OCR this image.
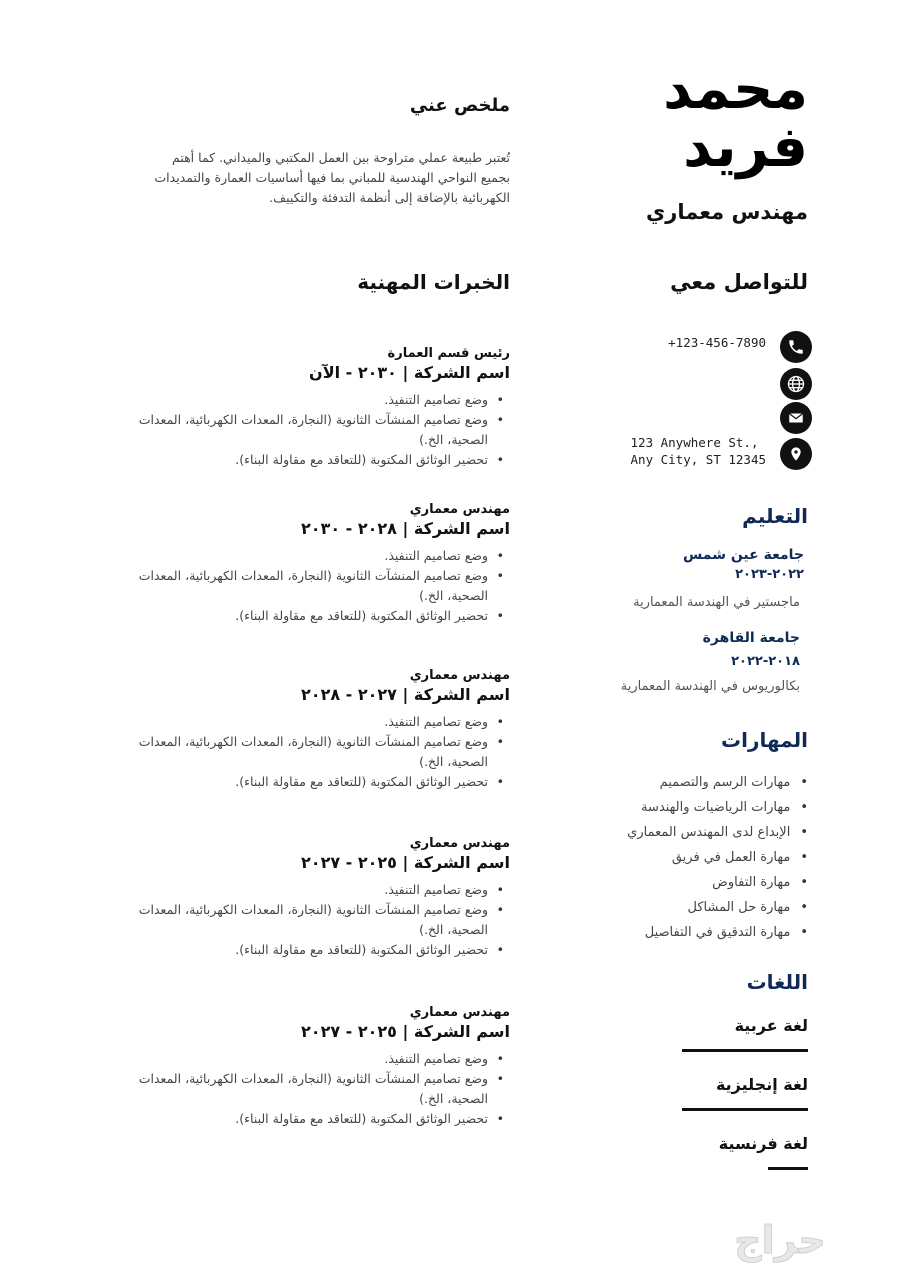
محمد
فريد
مهندس معماري
للتواصل معي
+123-456-7890
123 Anywhere St.,
Any City, ST 12345
التعليم
جامعة عين شمس
٢٠٢٢-٢٠٢٣
ماجستير في الهندسة المعمارية
جامعة القاهرة
٢٠١٨-٢٠٢٢
بكالوريوس في الهندسة المعمارية
المهارات
• مهارات الرسم والتصميم
• مهارات الرياضيات والهندسة
• الإبداع لدى المهندس المعماري
• مهارة العمل في فريق
• مهارة التفاوض
• مهارة حل المشاكل
• مهارة التدقيق في التفاصيل
اللغات
لغة عربية
لغة إنجليزية
لغة فرنسية
ملخص عني
تُعتبر طبيعة عملي متراوحة بين العمل المكتبي والميداني. كما أهتم بجميع النواحي الهندسية للمباني بما فيها أساسيات العمارة والتمديدات الكهربائية بالإضافة إلى أنظمة التدفئة والتكييف.
الخبرات المهنية
رئيس قسم العمارة
اسم الشركة | ٢٠٣٠ - الآن
• وضع تصاميم التنفيذ.
• وضع تصاميم المنشآت الثانوية (النجارة، المعدات الكهربائية، المعدات الصحية، الخ.)
• تحضير الوثائق المكتوبة (للتعاقد مع مقاولة البناء).
مهندس معماري
اسم الشركة | ٢٠٢٨ - ٢٠٣٠
• وضع تصاميم التنفيذ.
• وضع تصاميم المنشآت الثانوية (النجارة، المعدات الكهربائية، المعدات الصحية، الخ.)
• تحضير الوثائق المكتوبة (للتعاقد مع مقاولة البناء).
مهندس معماري
اسم الشركة | ٢٠٢٧ - ٢٠٢٨
• وضع تصاميم التنفيذ.
• وضع تصاميم المنشآت الثانوية (النجارة، المعدات الكهربائية، المعدات الصحية، الخ.)
• تحضير الوثائق المكتوبة (للتعاقد مع مقاولة البناء).
مهندس معماري
اسم الشركة | ٢٠٢٥ - ٢٠٢٧
• وضع تصاميم التنفيذ.
• وضع تصاميم المنشآت الثانوية (النجارة، المعدات الكهربائية، المعدات الصحية، الخ.)
• تحضير الوثائق المكتوبة (للتعاقد مع مقاولة البناء).
مهندس معماري
اسم الشركة | ٢٠٢٥ - ٢٠٢٧
• وضع تصاميم التنفيذ.
• وضع تصاميم المنشآت الثانوية (النجارة، المعدات الكهربائية، المعدات الصحية، الخ.)
• تحضير الوثائق المكتوبة (للتعاقد مع مقاولة البناء).
حراج
